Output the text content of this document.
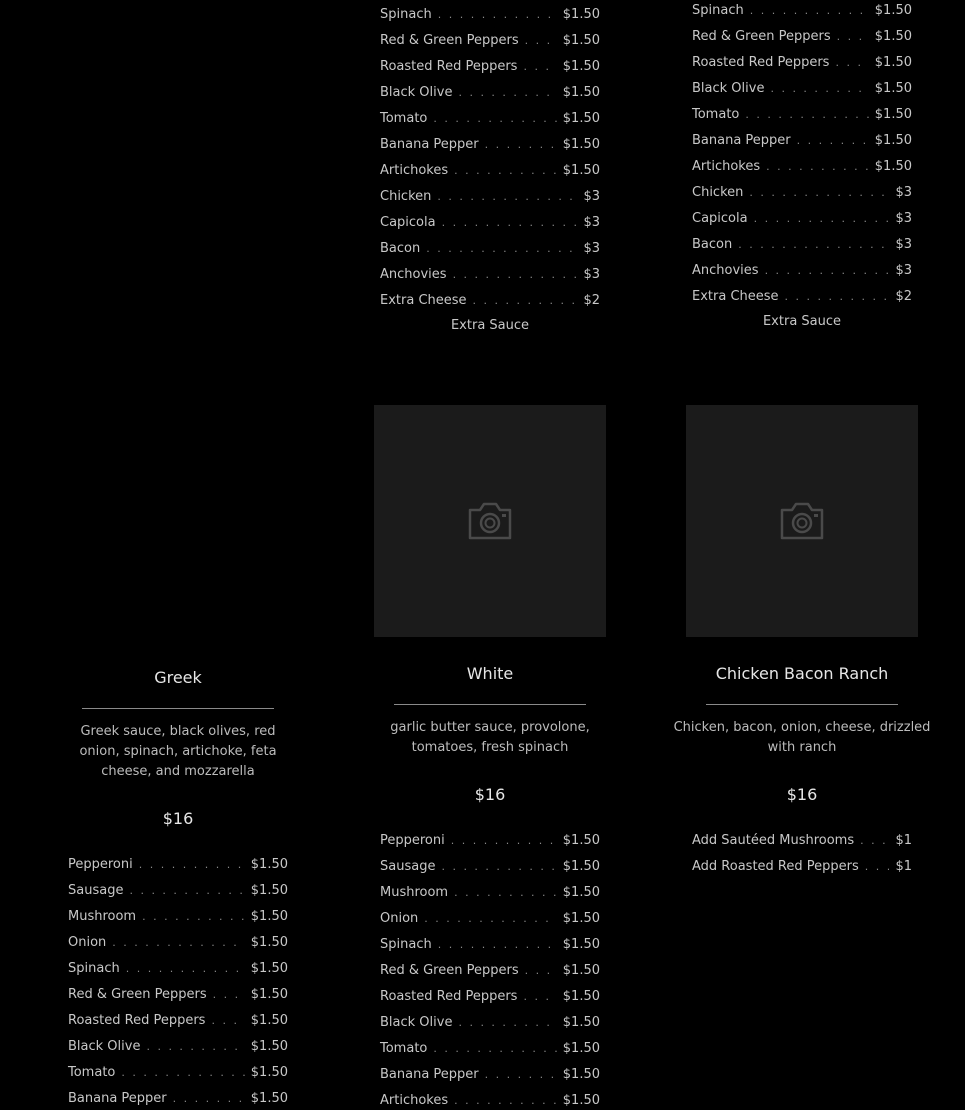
Spinach . . .	$1.50
Red & Green Peppers . . .	$1.50
Roasted Red Peppers . . .	$1.50
Black Olive . . .	$1.50
Tomato . . .	$1.50
Banana Pepper . . .	$1.50
Artichokes . . .	$1.50
Chicken . . .	$3
Capicola . . .	$3
Bacon . . .	$3
Anchovies . . .	$3
Extra Cheese . . .	$2
Extra Sauce
Spinach . . .	$1.50
Red & Green Peppers . . .	$1.50
Roasted Red Peppers . . .	$1.50
Black Olive . . .	$1.50
Tomato . . .	$1.50
Banana Pepper . . .	$1.50
Artichokes . . .	$1.50
Chicken . . .	$3
Capicola . . .	$3
Bacon . . .	$3
Anchovies . . .	$3
Extra Cheese . . .	$2
Extra Sauce
Greek
Greek sauce, black olives, red onion, spinach, artichoke, feta cheese, and mozzarella
$16
Pepperoni . . .	$1.50
Sausage . . .	$1.50
Mushroom . . .	$1.50
Onion . . .	$1.50
Spinach . . .	$1.50
Red & Green Peppers . . .	$1.50
Roasted Red Peppers . . .	$1.50
Black Olive . . .	$1.50
Tomato . . .	$1.50
Banana Pepper . . .	$1.50
White
garlic butter sauce, provolone, tomatoes, fresh spinach
$16
Pepperoni . . .	$1.50
Sausage . . .	$1.50
Mushroom . . .	$1.50
Onion . . .	$1.50
Spinach . . .	$1.50
Red & Green Peppers . . .	$1.50
Roasted Red Peppers . . .	$1.50
Black Olive . . .	$1.50
Tomato . . .	$1.50
Banana Pepper . . .	$1.50
Artichokes . . .	$1.50
Chicken Bacon Ranch
Chicken, bacon, onion, cheese, drizzled with ranch
$16
Add Sautéed Mushrooms . . .	$1
Add Roasted Red Peppers . . .	$1
